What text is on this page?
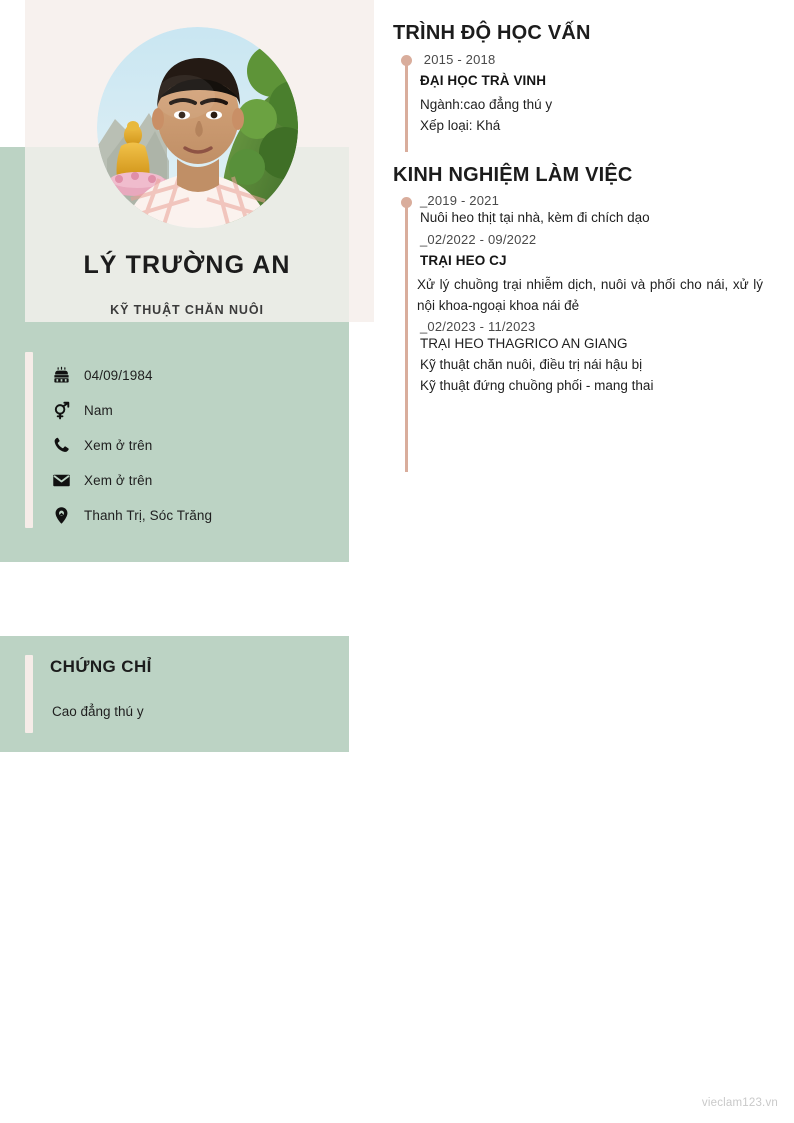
LÝ TRƯỜNG AN
KỸ THUẬT CHĂN NUÔI
04/09/1984
Nam
Xem ở trên
Xem ở trên
Thanh Trị, Sóc Trăng
CHỨNG CHỈ
Cao đẳng thú y
TRÌNH ĐỘ HỌC VẤN
2015 - 2018
ĐẠI HỌC TRÀ VINH
Ngành:cao đẳng thú y
Xếp loại: Khá
KINH NGHIỆM LÀM VIỆC
_2019 - 2021
Nuôi heo thịt tại nhà, kèm đi chích dạo
_02/2022 - 09/2022
TRẠI HEO CJ
Xử lý chuồng trại nhiễm dịch, nuôi và phối cho nái, xử lý nội khoa-ngoại khoa nái đẻ
_02/2023 - 11/2023
TRẠI HEO THAGRICO AN GIANG
Kỹ thuật chăn nuôi, điều trị nái hậu bị
Kỹ thuật đứng chuồng phối - mang thai
vieclam123.vn
